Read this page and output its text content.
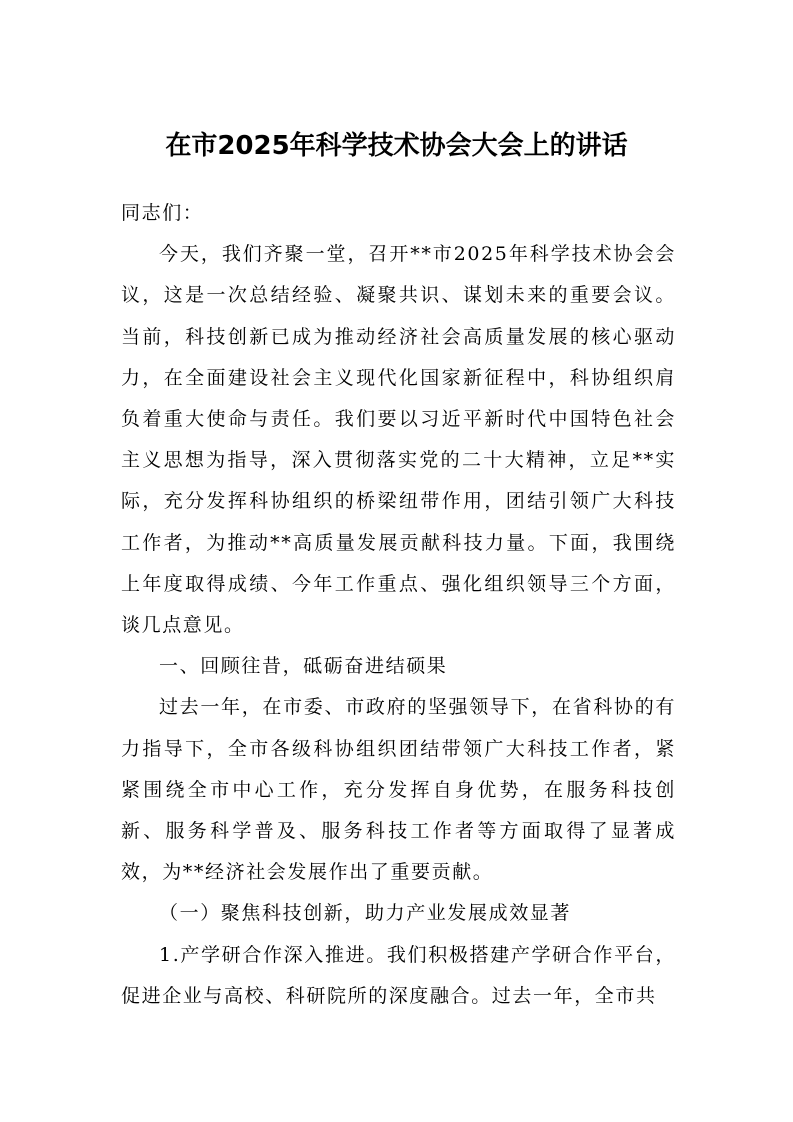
在市2025年科学技术协会大会上的讲话

同志们：

今天，我们齐聚一堂，召开**市2025年科学技术协会会议，这是一次总结经验、凝聚共识、谋划未来的重要会议。当前，科技创新已成为推动经济社会高质量发展的核心驱动力，在全面建设社会主义现代化国家新征程中，科协组织肩负着重大使命与责任。我们要以习近平新时代中国特色社会主义思想为指导，深入贯彻落实党的二十大精神，立足**实际，充分发挥科协组织的桥梁纽带作用，团结引领广大科技工作者，为推动**高质量发展贡献科技力量。下面，我围绕上年度取得成绩、今年工作重点、强化组织领导三个方面，谈几点意见。

一、回顾往昔，砥砺奋进结硕果

过去一年，在市委、市政府的坚强领导下，在省科协的有力指导下，全市各级科协组织团结带领广大科技工作者，紧紧围绕全市中心工作，充分发挥自身优势，在服务科技创新、服务科学普及、服务科技工作者等方面取得了显著成效，为**经济社会发展作出了重要贡献。

（一）聚焦科技创新，助力产业发展成效显著

1.产学研合作深入推进。我们积极搭建产学研合作平台，促进企业与高校、科研院所的深度融合。过去一年，全市共
